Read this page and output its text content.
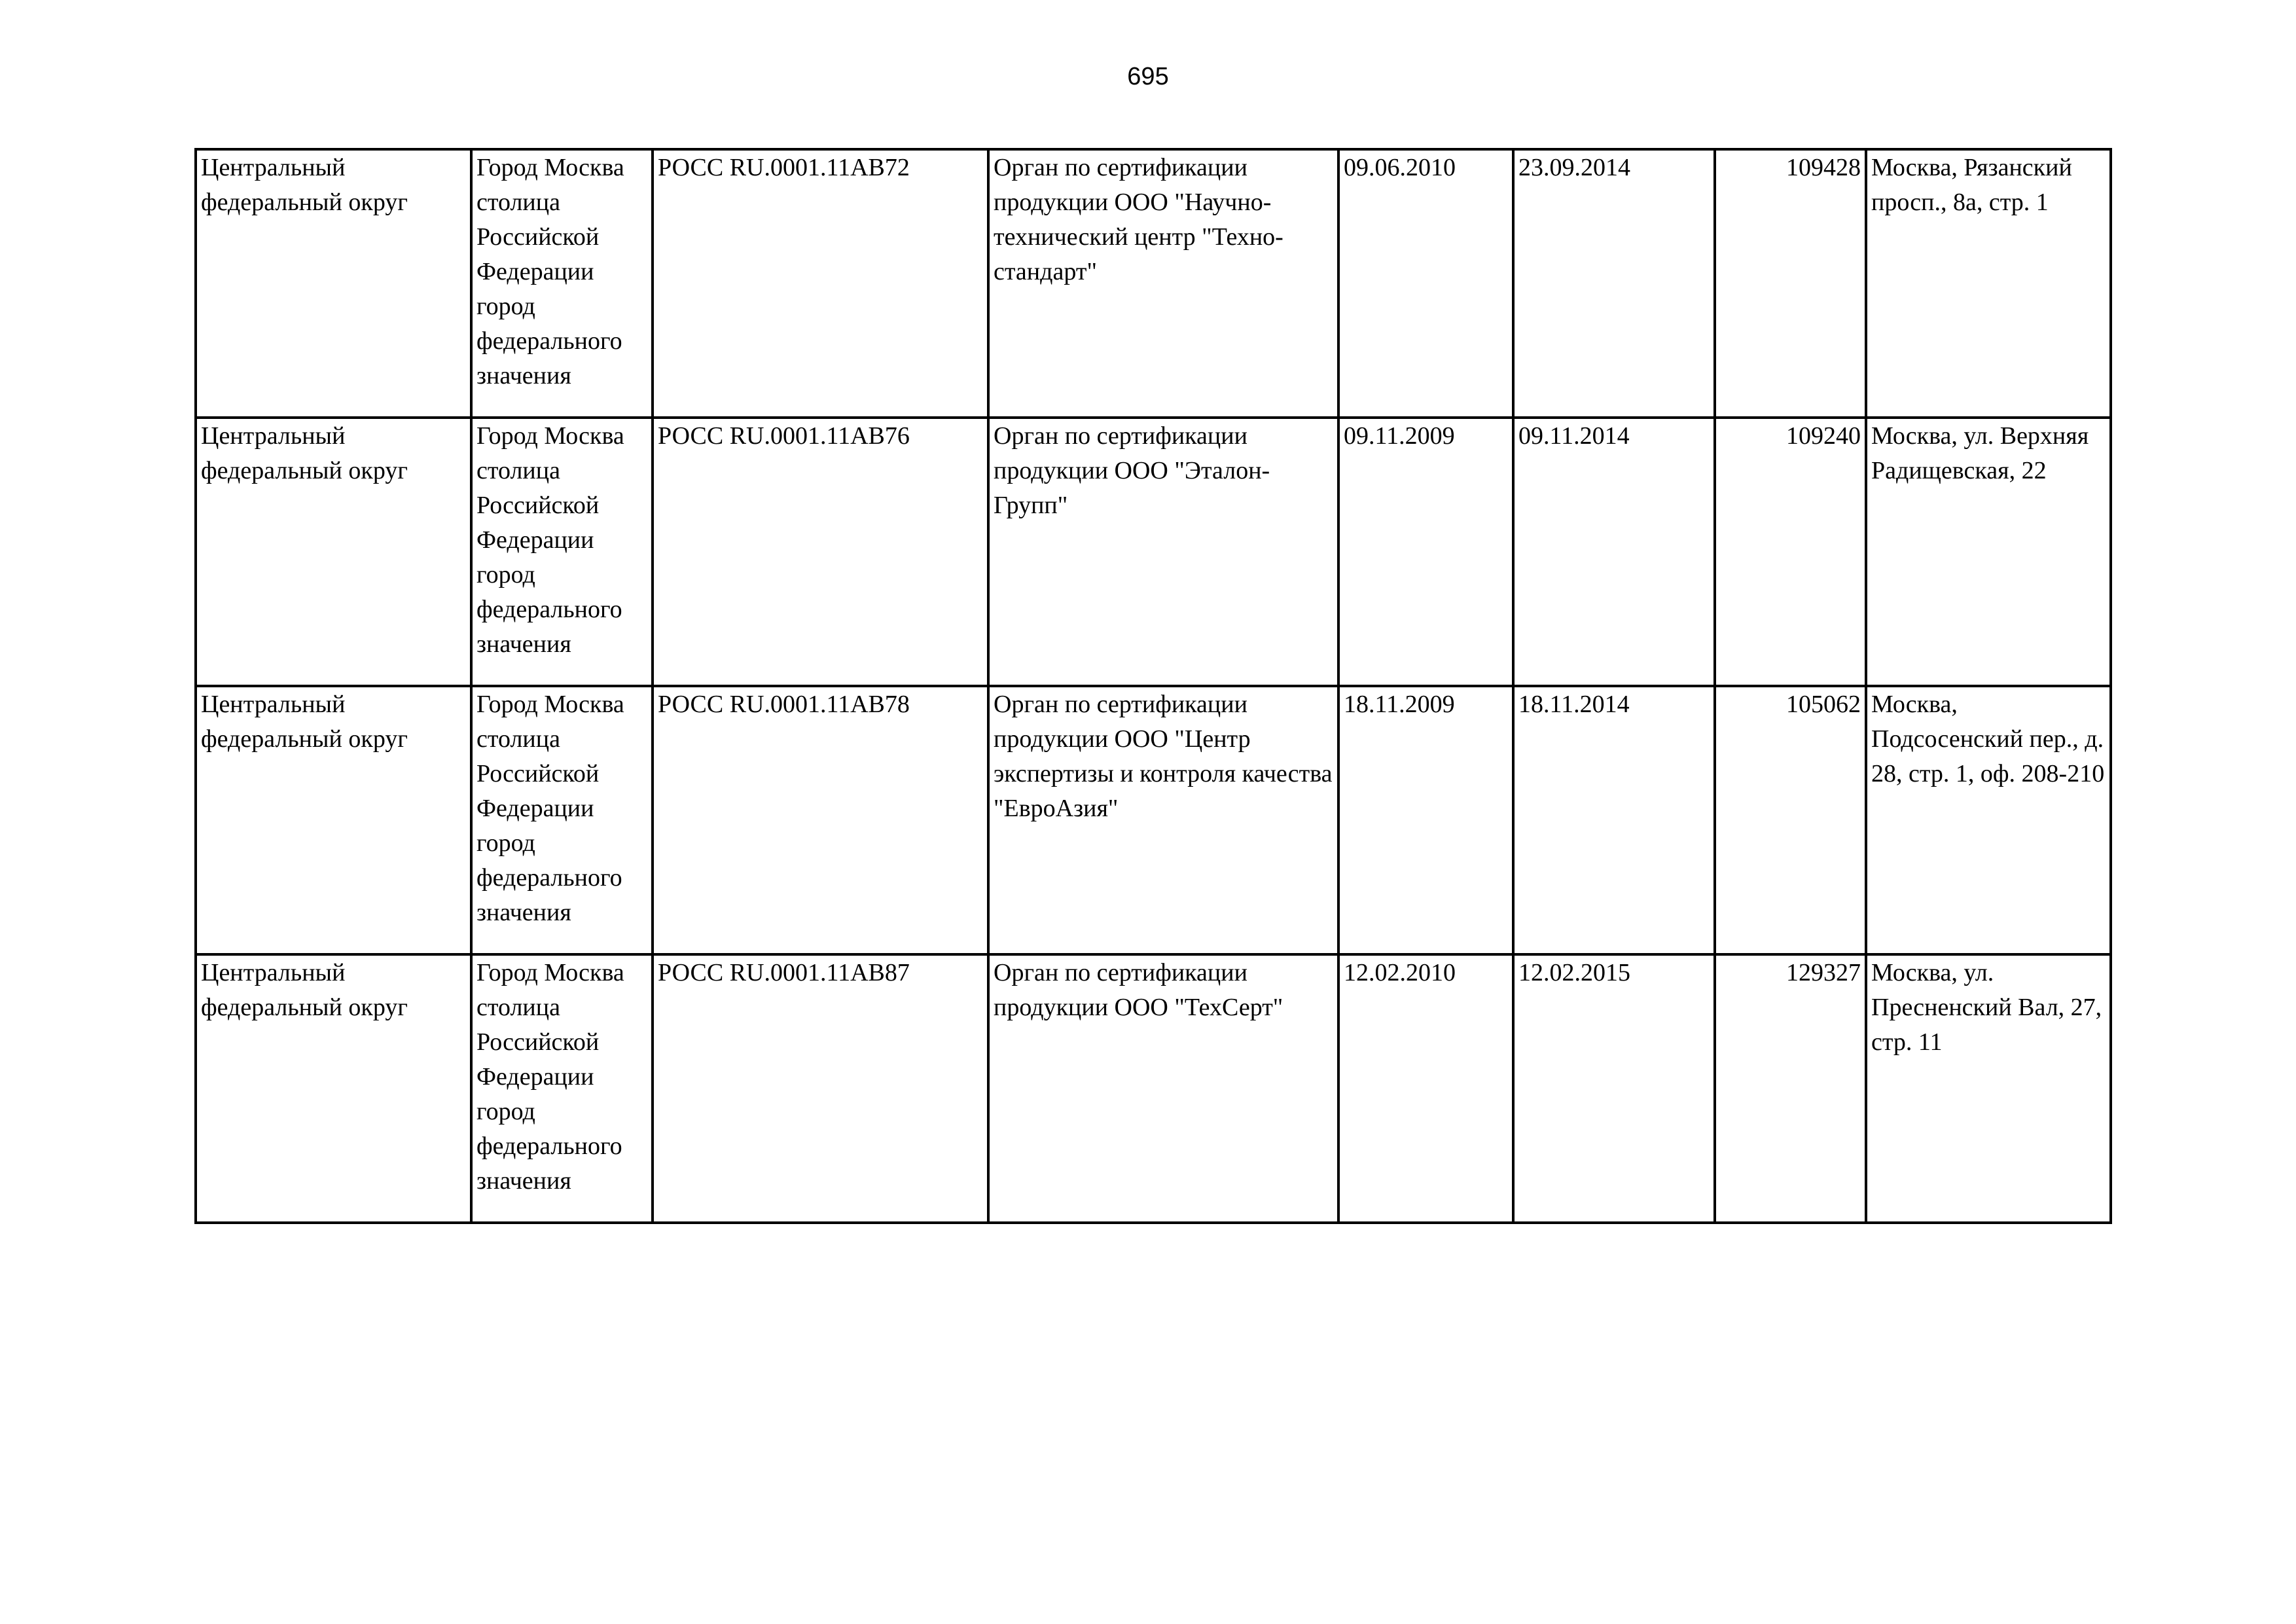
695
Центральный федеральный округ	Город Москва столица Российской Федерации город федерального значения	РОСС RU.0001.11АВ72	Орган по сертификации продукции ООО "Научно-технический центр "Техно-стандарт"	09.06.2010	23.09.2014	109428	Москва, Рязанский просп., 8а, стр. 1

Центральный федеральный округ	Город Москва столица Российской Федерации город федерального значения	РОСС RU.0001.11АВ76	Орган по сертификации продукции ООО "Эталон-Групп"	09.11.2009	09.11.2014	109240	Москва, ул. Верхняя Радищевская, 22

Центральный федеральный округ	Город Москва столица Российской Федерации город федерального значения	РОСС RU.0001.11АВ78	Орган по сертификации продукции ООО "Центр экспертизы и контроля качества "ЕвроАзия"	18.11.2009	18.11.2014	105062	Москва, Подсосенский пер., д. 28, стр. 1, оф. 208-210

Центральный федеральный округ	Город Москва столица Российской Федерации город федерального значения	РОСС RU.0001.11АВ87	Орган по сертификации продукции ООО "ТехСерт"	12.02.2010	12.02.2015	129327	Москва, ул. Пресненский Вал, 27, стр. 11
